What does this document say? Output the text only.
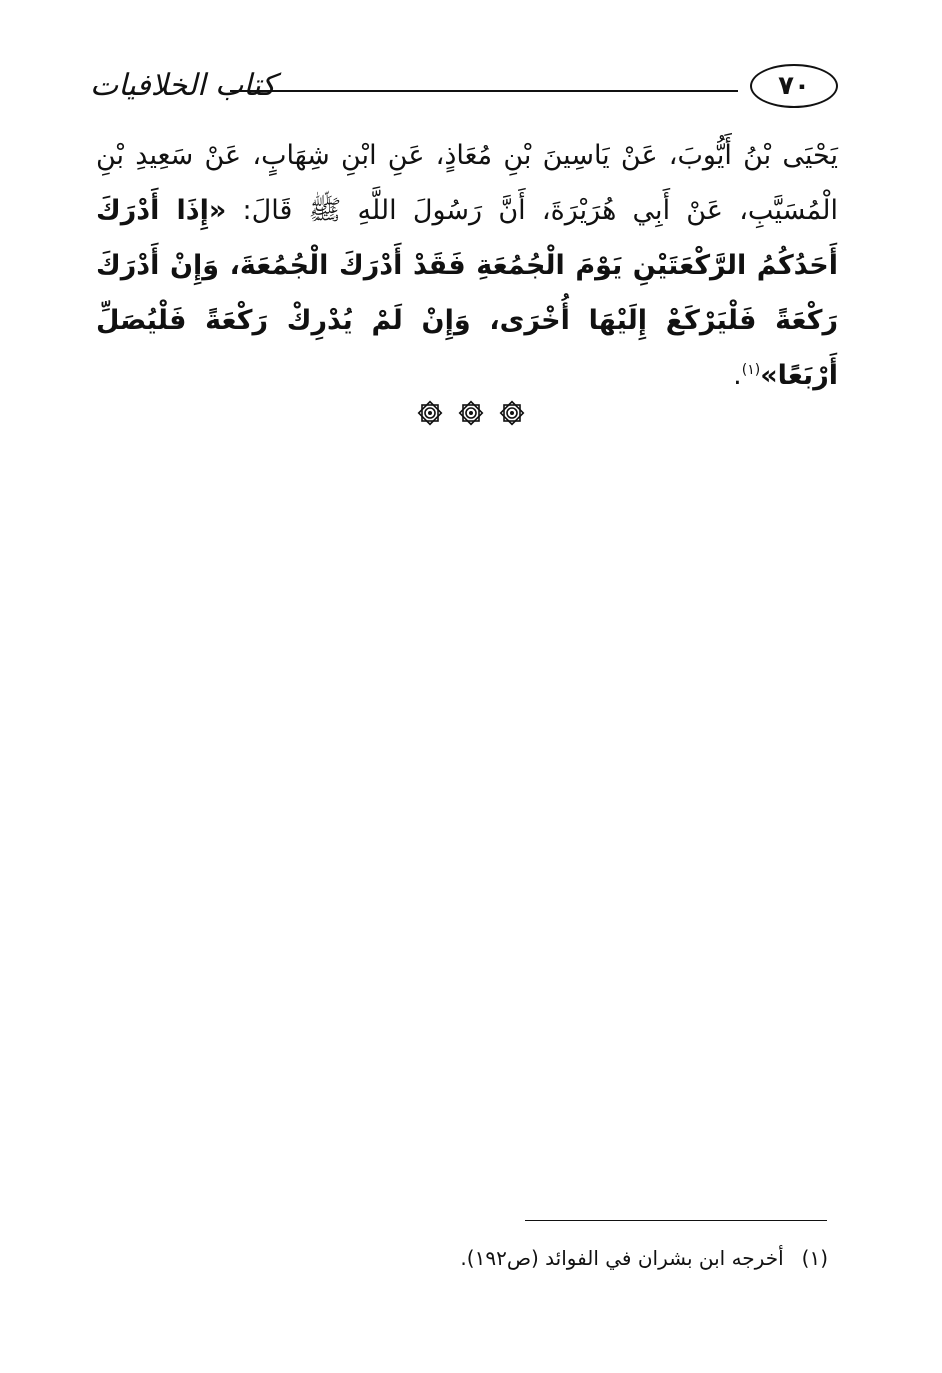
كتاب الخلافيات	٧٠
يَحْيَى بْنُ أَيُّوبَ، عَنْ يَاسِينَ بْنِ مُعَاذٍ، عَنِ ابْنِ شِهَابٍ، عَنْ سَعِيدِ بْنِ الْمُسَيَّبِ، عَنْ أَبِي هُرَيْرَةَ، أَنَّ رَسُولَ اللَّهِ ﷺ قَالَ: «إِذَا أَدْرَكَ أَحَدُكُمُ الرَّكْعَتَيْنِ يَوْمَ الْجُمُعَةِ فَقَدْ أَدْرَكَ الْجُمُعَةَ، وَإِنْ أَدْرَكَ رَكْعَةً فَلْيَرْكَعْ إِلَيْهَا أُخْرَى، وَإِنْ لَمْ يُدْرِكْ رَكْعَةً فَلْيُصَلِّ أَرْبَعًا»$^{(١)}$.

(١)أخرجه ابن بشران في الفوائد (ص١٩٢).
